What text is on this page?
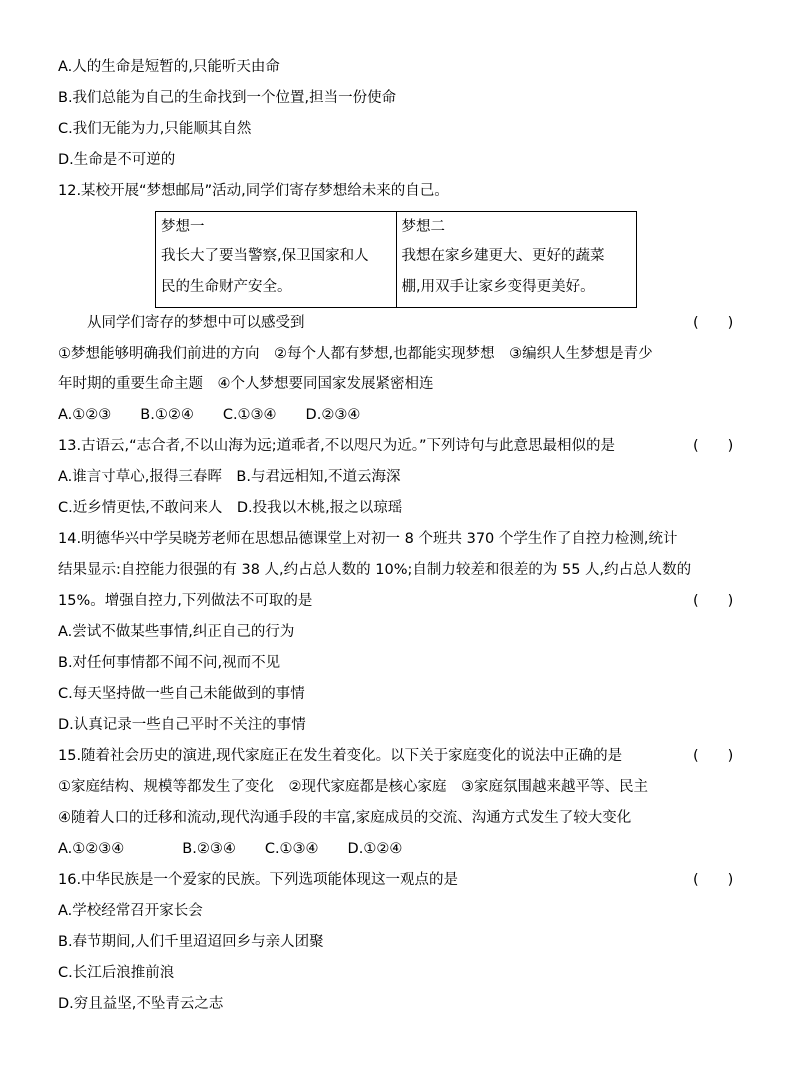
A.人的生命是短暂的,只能听天由命
B.我们总能为自己的生命找到一个位置,担当一份使命
C.我们无能为力,只能顺其自然
D.生命是不可逆的
12.某校开展“梦想邮局”活动,同学们寄存梦想给未来的自己。
梦想一
我长大了要当警察,保卫国家和人
民的生命财产安全。

梦想二
我想在家乡建更大、更好的蔬菜
棚,用双手让家乡变得更美好。
从同学们寄存的梦想中可以感受到	(　　)
①梦想能够明确我们前进的方向　②每个人都有梦想,也都能实现梦想　③编织人生梦想是青少
年时期的重要生命主题　④个人梦想要同国家发展紧密相连
A.①②③　　B.①②④　　C.①③④　　D.②③④
13.古语云,“志合者,不以山海为远;道乖者,不以咫尺为近。”下列诗句与此意思最相似的是	(　　)
A.谁言寸草心,报得三春晖　B.与君远相知,不道云海深
C.近乡情更怯,不敢问来人　D.投我以木桃,报之以琼瑶
14.明德华兴中学吴晓芳老师在思想品德课堂上对初一 8 个班共 370 个学生作了自控力检测,统计
结果显示:自控能力很强的有 38 人,约占总人数的 10%;自制力较差和很差的为 55 人,约占总人数的
15%。增强自控力,下列做法不可取的是	(　　)
A.尝试不做某些事情,纠正自己的行为
B.对任何事情都不闻不问,视而不见
C.每天坚持做一些自己未能做到的事情
D.认真记录一些自己平时不关注的事情
15.随着社会历史的演进,现代家庭正在发生着变化。以下关于家庭变化的说法中正确的是	(　　)
①家庭结构、规模等都发生了变化　②现代家庭都是核心家庭　③家庭氛围越来越平等、民主
④随着人口的迁移和流动,现代沟通手段的丰富,家庭成员的交流、沟通方式发生了较大变化
A.①②③④　　　　B.②③④　　C.①③④　　D.①②④
16.中华民族是一个爱家的民族。下列选项能体现这一观点的是	(　　)
A.学校经常召开家长会
B.春节期间,人们千里迢迢回乡与亲人团聚
C.长江后浪推前浪
D.穷且益坚,不坠青云之志
